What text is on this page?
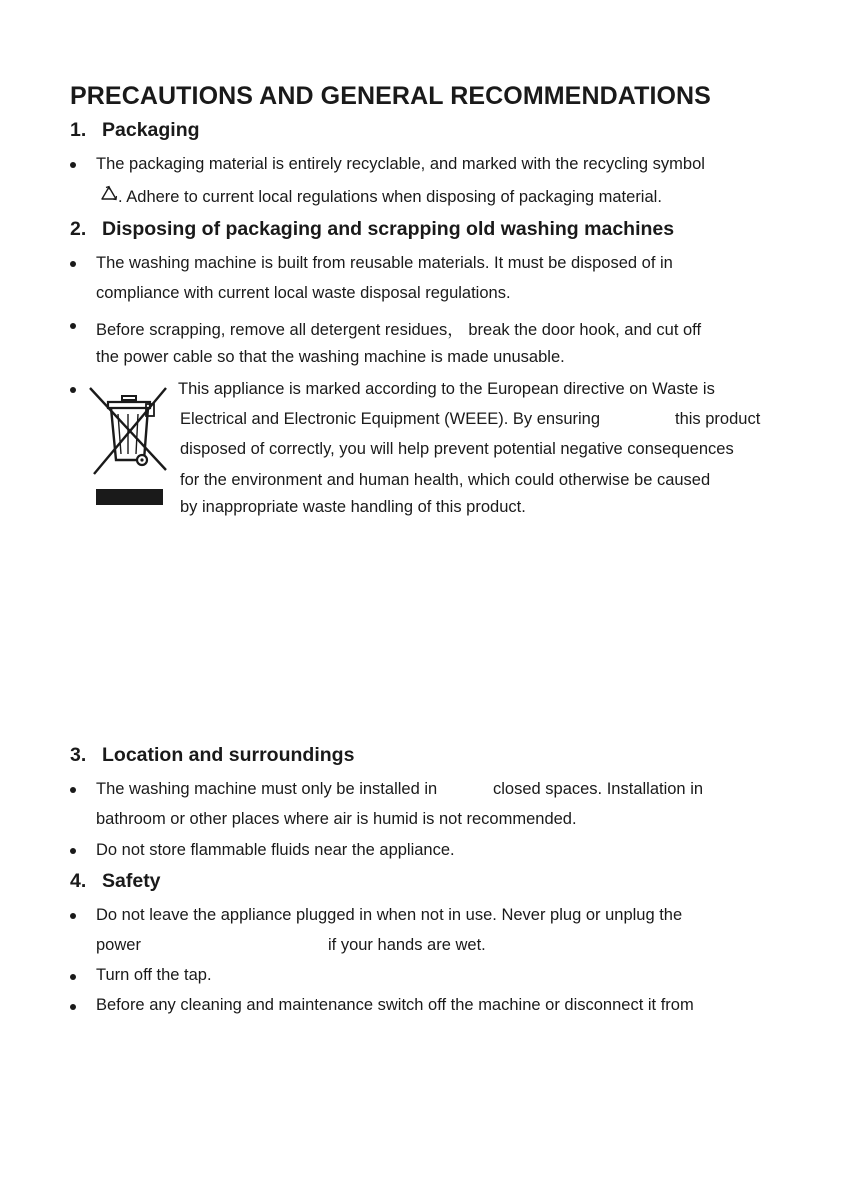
PRECAUTIONS AND GENERAL RECOMMENDATIONS
1. Packaging
The packaging material is entirely recyclable, and marked with the recycling symbol
. Adhere to current local regulations when disposing of packaging material.
2. Disposing of packaging and scrapping old washing machines
The washing machine is built from reusable materials. It must be disposed of in
compliance with current local waste disposal regulations.
Before scrapping, remove all detergent residues， break the door hook, and cut off
the power cable so that the washing machine is made unusable.
This appliance is marked according to the European directive on Waste is
Electrical and Electronic Equipment (WEEE). By ensuring	this product
disposed of correctly, you will help prevent potential negative consequences
for the environment and human health, which could otherwise be caused
by inappropriate waste handling of this product.
3. Location and surroundings
The washing machine must only be installed in	closed spaces. Installation in
bathroom or other places where air is humid is not recommended.
Do not store flammable fluids near the appliance.
4. Safety
Do not leave the appliance plugged in when not in use. Never plug or unplug the
power	if your hands are wet.
Turn off the tap.
Before any cleaning and maintenance switch off the machine or disconnect it from
